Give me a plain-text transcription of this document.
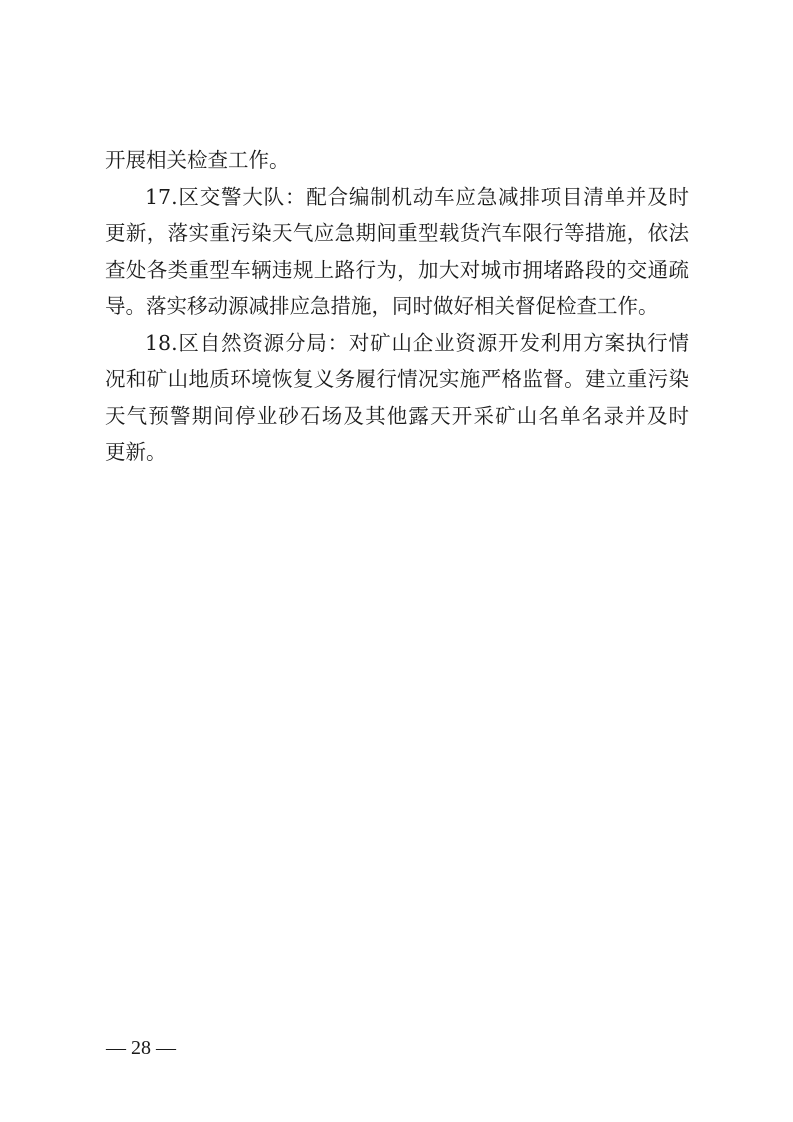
开展相关检查工作。
17.区交警大队：配合编制机动车应急减排项目清单并及时
更新，落实重污染天气应急期间重型载货汽车限行等措施，依法
查处各类重型车辆违规上路行为，加大对城市拥堵路段的交通疏
导。落实移动源减排应急措施，同时做好相关督促检查工作。
18.区自然资源分局：对矿山企业资源开发利用方案执行情
况和矿山地质环境恢复义务履行情况实施严格监督。建立重污染
天气预警期间停业砂石场及其他露天开采矿山名单名录并及时
更新。
— 28 —
